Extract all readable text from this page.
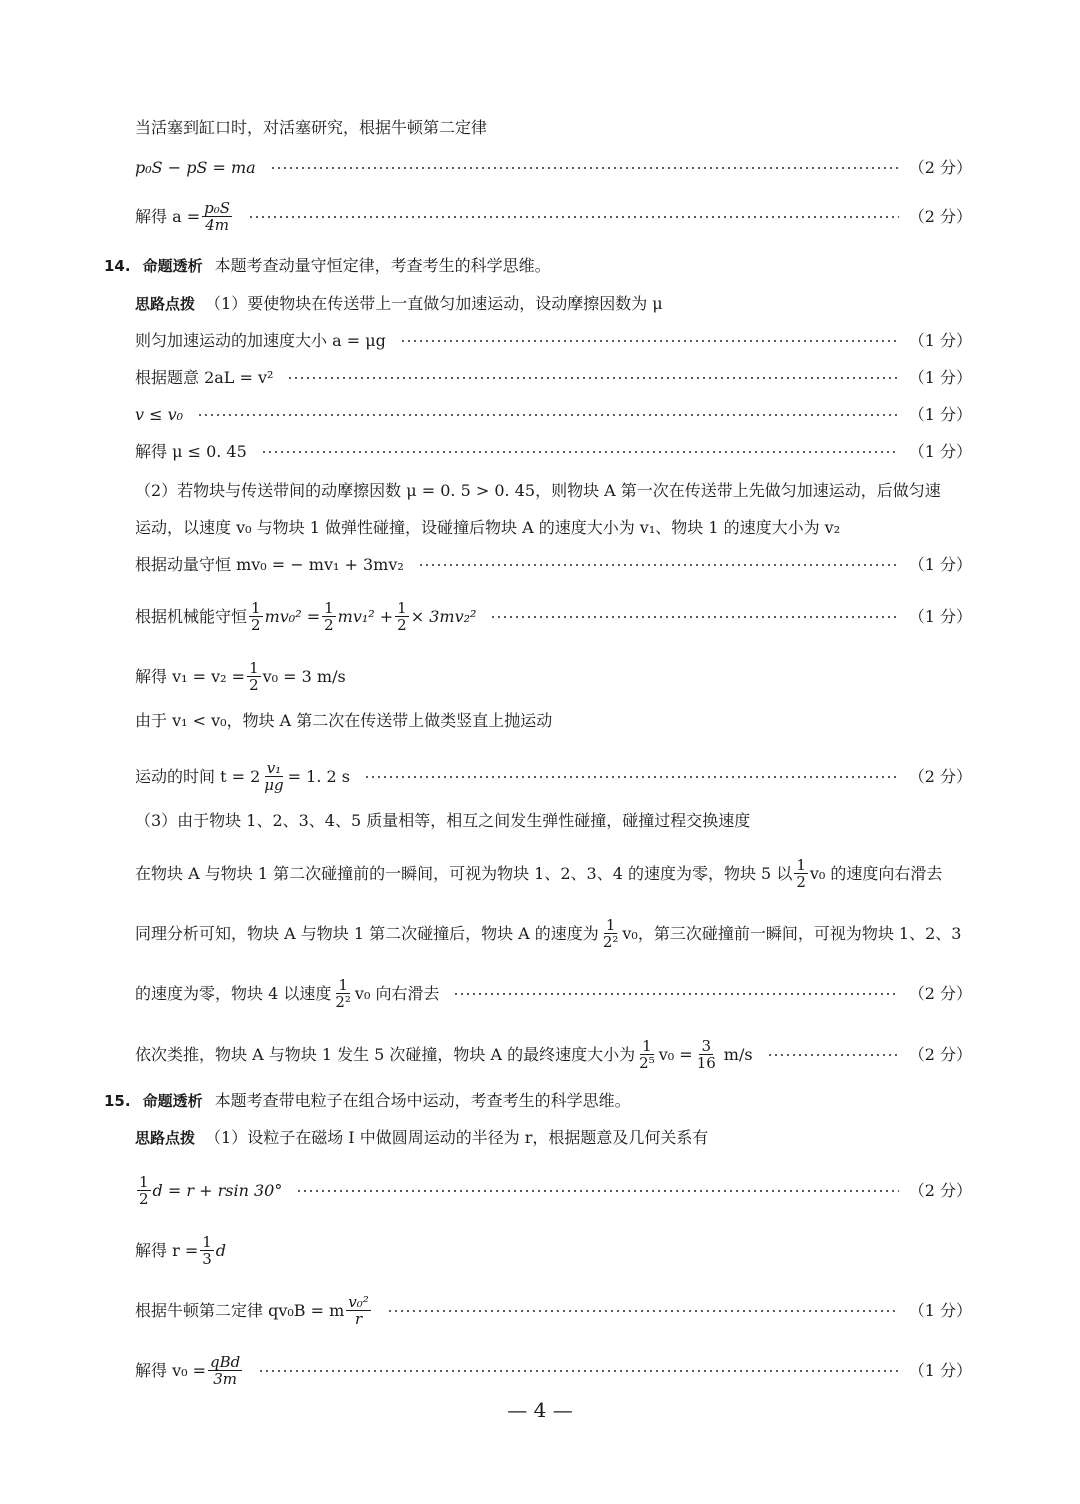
当活塞到缸口时，对活塞研究，根据牛顿第二定律
p₀S − pS = ma	（2 分）
解得 $a = \frac{\text{p₀S}}{4m}$	（2 分）
14. 命题透析 本题考查动量守恒定律，考查考生的科学思维。
思路点拨 （1）要使物块在传送带上一直做匀加速运动，设动摩擦因数为 μ
则匀加速运动的加速度大小 a = μg	（1 分）
根据题意 2aL = v²	（1 分）
v ≤ v₀	（1 分）
解得 μ ≤ 0. 45	（1 分）
（2）若物块与传送带间的动摩擦因数 μ = 0. 5 > 0. 45，则物块 A 第一次在传送带上先做匀加速运动，后做匀速
运动，以速度 v₀ 与物块 1 做弹性碰撞，设碰撞后物块 A 的速度大小为 v₁、物块 1 的速度大小为 v₂
根据动量守恒 mv₀ = − mv₁ + 3mv₂	（1 分）
根据机械能守恒 $\frac{1}{2} mv_0^2 = \frac{1}{2} mv_1^2 + \frac{1}{2} \times 3mv_2^2$	（1 分）
解得 $v_1 = v_2 = \frac{1}{2} v_0 = 3$ m/s
由于 v₁ < v₀，物块 A 第二次在传送带上做类竖直上抛运动
运动的时间 $t = 2 \frac{\text{v₁}}{\mu g} = 1$. 2 s	（2 分）
（3）由于物块 1、2、3、4、5 质量相等，相互之间发生弹性碰撞，碰撞过程交换速度
在物块 A 与物块 1 第二次碰撞前的一瞬间，可视为物块 1、2、3、4 的速度为零，物块 5 以 $\frac{1}{2} v_0$ 的速度向右滑去
同理分析可知，物块 A 与物块 1 第二次碰撞后，物块 A 的速度为 $\frac{1}{\text{2²}} v_0$，第三次碰撞前一瞬间，可视为物块 1、2、3
的速度为零，物块 4 以速度 $\frac{1}{\text{2²}} v_0$ 向右滑去	（2 分）
依次类推，物块 A 与物块 1 发生 5 次碰撞，物块 A 的最终速度大小为 $\frac{1}{\text{2⁵}} v_0 = \frac{3}{16} m/s$	（2 分）
15. 命题透析 本题考查带电粒子在组合场中运动，考查考生的科学思维。
思路点拨 （1）设粒子在磁场 Ⅰ 中做圆周运动的半径为 r，根据题意及几何关系有
$\frac{1}{2}$ d = r + rsin 30°	（2 分）
解得 $r = \frac{1}{3}$ d
根据牛顿第二定律 qv₀B = m $\frac{\text{v₀²}}{r}$	（1 分）
解得 $v_0 = \frac{\text{qBd}}{3m}$	（1 分）
— 4 —
